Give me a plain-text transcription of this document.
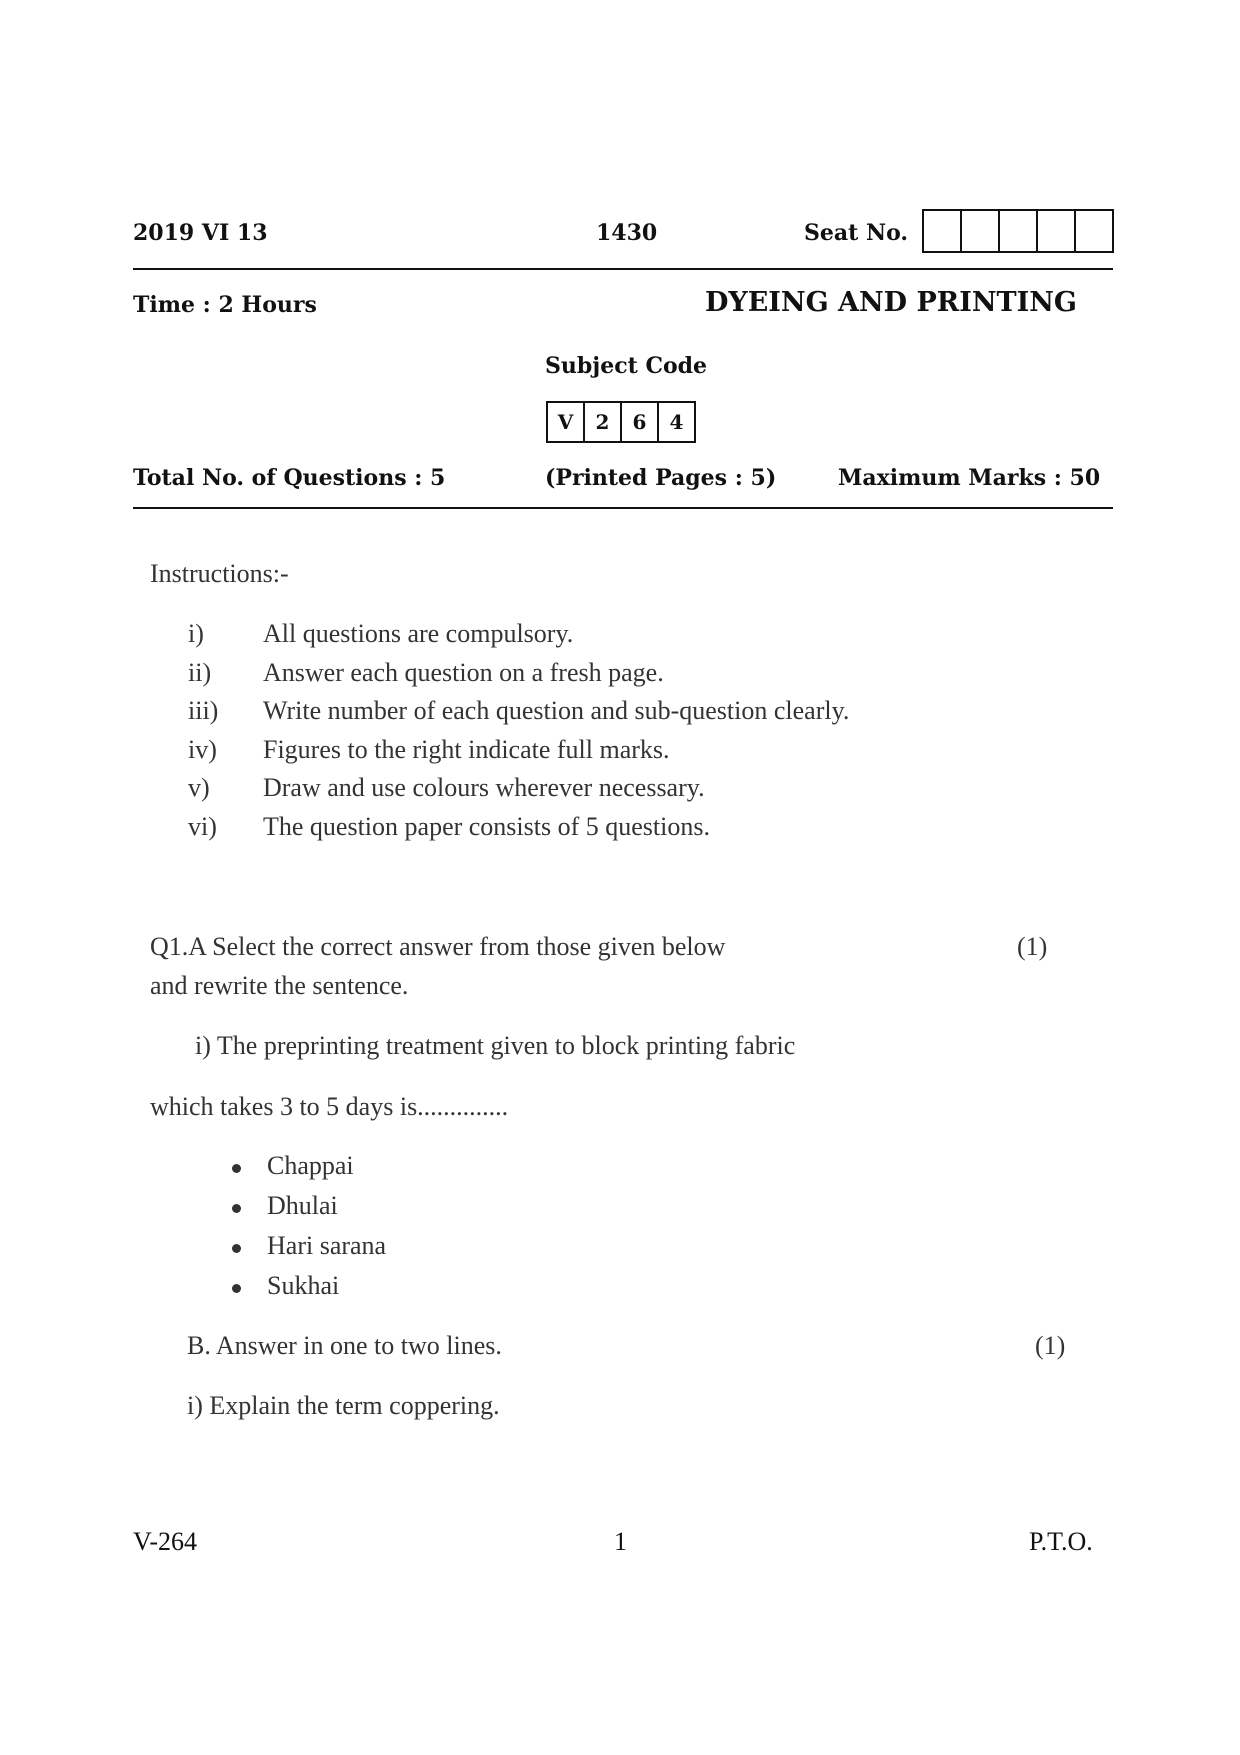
2019 VI 13	1430	Seat No.
Time : 2 Hours	DYEING AND PRINTING
Subject Code
V	2	6	4
Total No. of Questions : 5	(Printed Pages : 5)	Maximum Marks : 50
Instructions:-
i) All questions are compulsory.
ii) Answer each question on a fresh page.
iii) Write number of each question and sub-question clearly.
iv) Figures to the right indicate full marks.
v) Draw and use colours wherever necessary.
vi) The question paper consists of 5 questions.
Q1.A Select the correct answer from those given below	(1)
and rewrite the sentence.
i) The preprinting treatment given to block printing fabric
which takes 3 to 5 days is..............
Chappai
Dhulai
Hari sarana
Sukhai
B. Answer in one to two lines.	(1)
i) Explain the term coppering.
V-264	1	P.T.O.
